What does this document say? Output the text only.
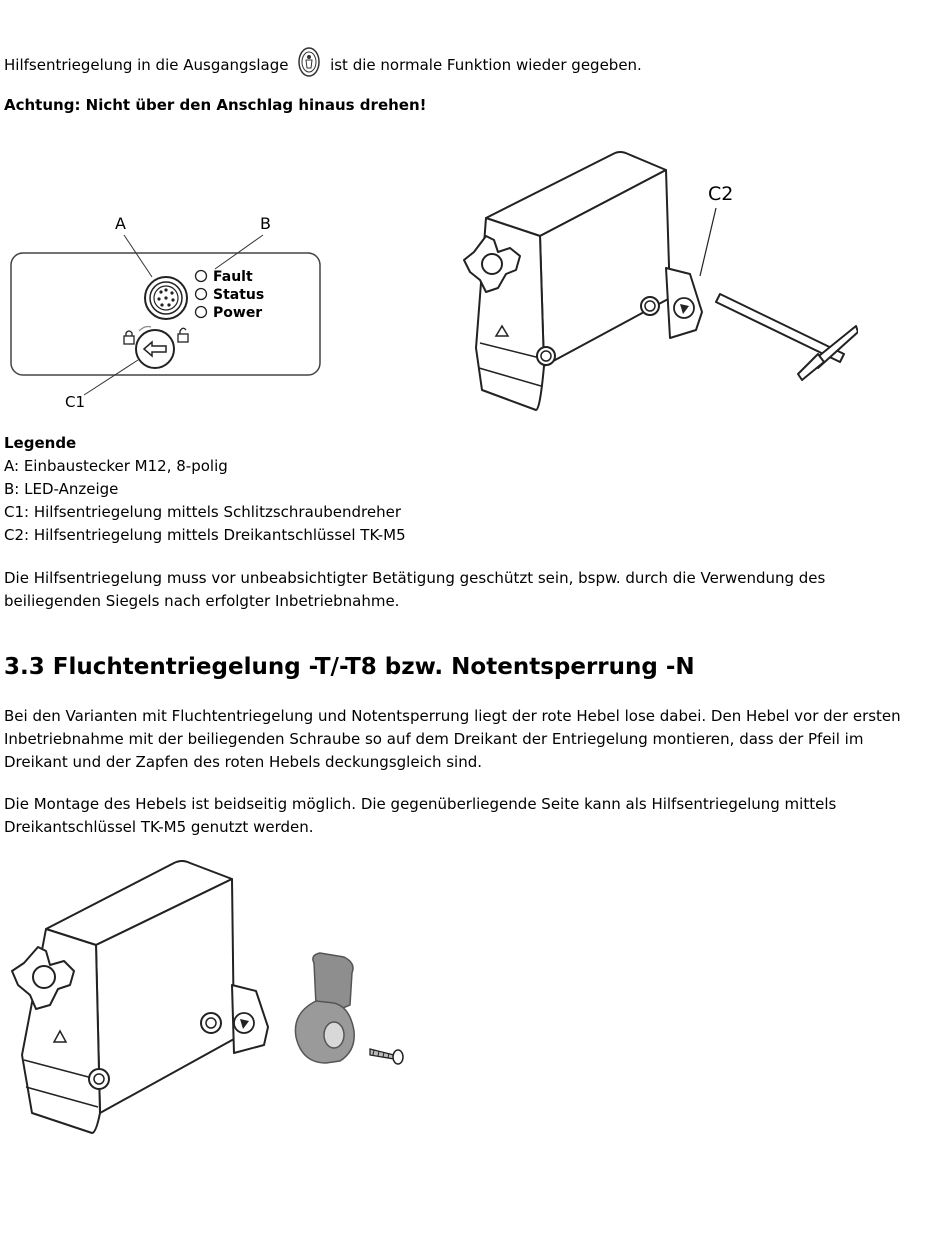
Hilfsentriegelung in die Ausgangslage	ist die normale Funktion wieder gegeben.

Achtung: Nicht über den Anschlag hinaus drehen!

A	B
Fault
Status
Power
C1
C2

Legende

A: Einbaustecker M12, 8-polig

B: LED-Anzeige

C1: Hilfsentriegelung mittels Schlitzschraubendreher

C2: Hilfsentriegelung mittels Dreikantschlüssel TK-M5

Die Hilfsentriegelung muss vor unbeabsichtigter Betätigung geschützt sein, bspw. durch die Verwendung des

beiliegenden Siegels nach erfolgter Inbetriebnahme.

3.3 Fluchtentriegelung -T/-T8 bzw. Notentsperrung -N

Bei den Varianten mit Fluchtentriegelung und Notentsperrung liegt der rote Hebel lose dabei. Den Hebel vor der ersten

Inbetriebnahme mit der beiliegenden Schraube so auf dem Dreikant der Entriegelung montieren, dass der Pfeil im

Dreikant und der Zapfen des roten Hebels deckungsgleich sind.

Die Montage des Hebels ist beidseitig möglich. Die gegenüberliegende Seite kann als Hilfsentriegelung mittels

Dreikantschlüssel TK-M5 genutzt werden.
